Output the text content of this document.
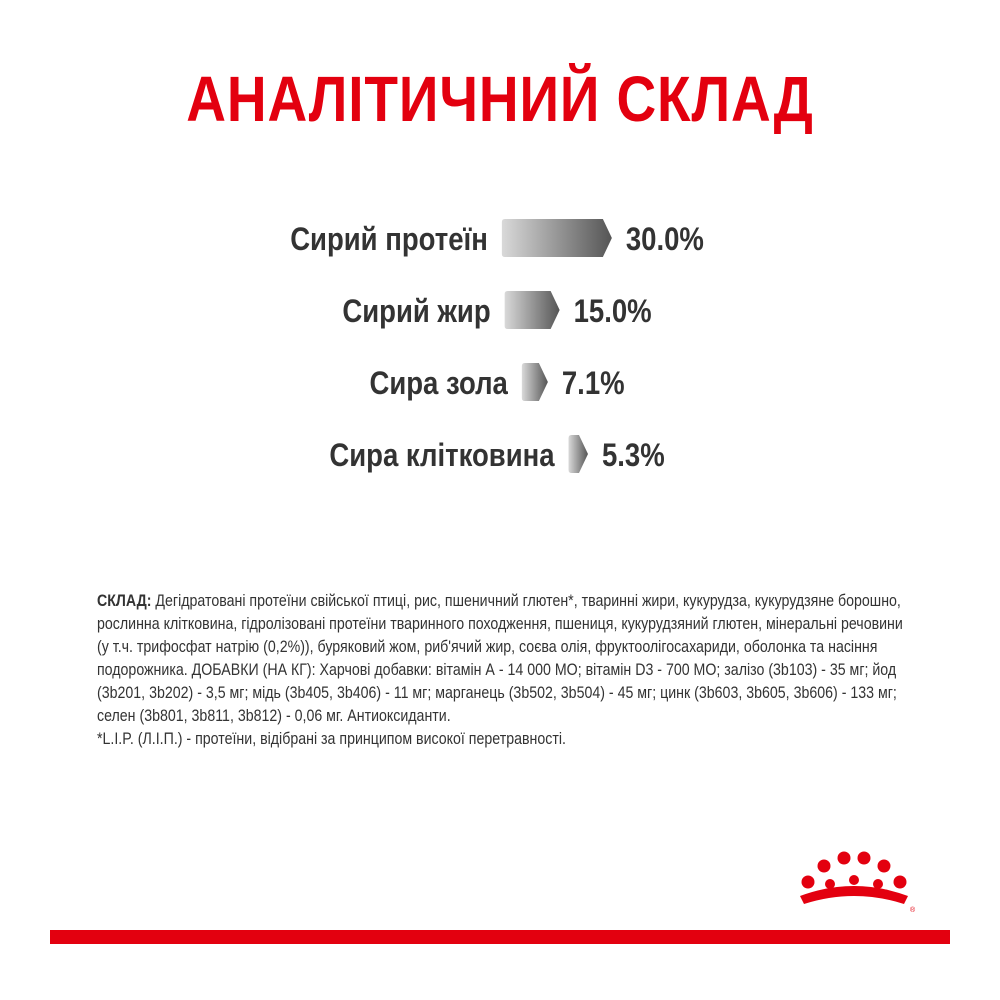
АНАЛІТИЧНИЙ СКЛАД
Сирий протеїн	30.0%
Сирий жир	15.0%
Сира зола 7.1%
Сира клітковина 5.3%
СКЛАД: Дегідратовані протеїни свійської птиці, рис, пшеничний глютен*, тваринні жири, кукурудза, кукурудзяне борошно, рослинна клітковина, гідролізовані протеїни тваринного походження, пшениця, кукурудзяний глютен, мінеральні речовини (у т.ч. трифосфат натрію (0,2%)), буряковий жом, риб'ячий жир, соєва олія, фруктоолігосахариди, оболонка та насіння подорожника. ДОБАВКИ (НА КГ): Харчові добавки: вітамін А - 14 000 МО; вітамін D3 - 700 МО; залізо (3b103) - 35 мг; йод (3b201, 3b202) - 3,5 мг; мідь (3b405, 3b406) - 11 мг; марганець (3b502, 3b504) - 45 мг; цинк (3b603, 3b605, 3b606) - 133 мг; селен (3b801, 3b811, 3b812) - 0,06 мг. Антиоксиданти.
*L.I.P. (Л.І.П.) - протеїни, відібрані за принципом високої перетравності.
®
